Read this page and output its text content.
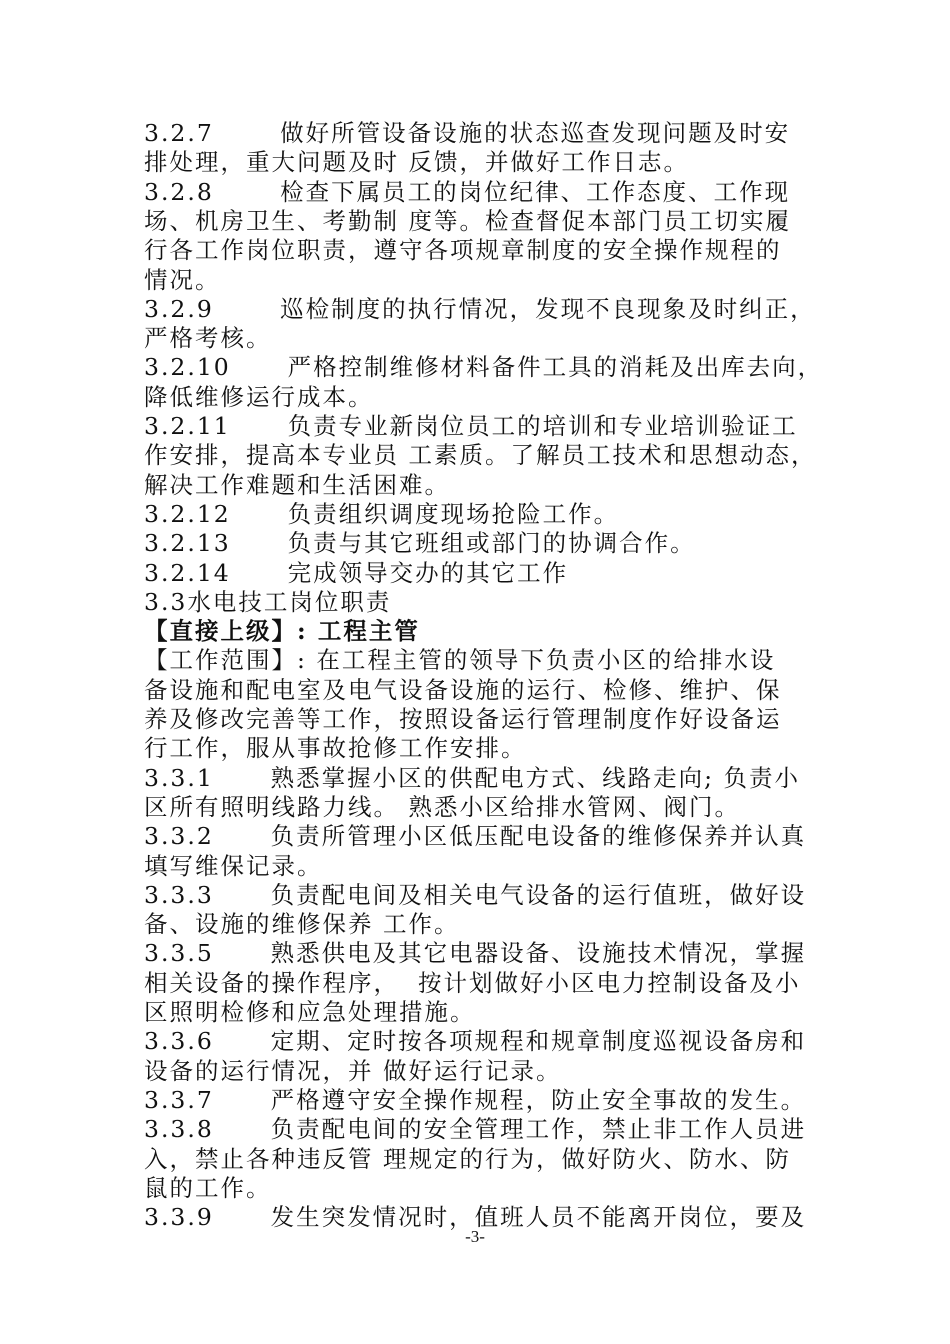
3.2.7       做好所管设备设施的状态巡查发现问题及时安
排处理，重大问题及时 反馈，并做好工作日志。
3.2.8       检查下属员工的岗位纪律、工作态度、工作现
场、机房卫生、考勤制 度等。检查督促本部门员工切实履
行各工作岗位职责，遵守各项规章制度的安全操作规程的
情况。
3.2.9       巡检制度的执行情况，发现不良现象及时纠正，
严格考核。
3.2.10      严格控制维修材料备件工具的消耗及出库去向，
降低维修运行成本。
3.2.11      负责专业新岗位员工的培训和专业培训验证工
作安排，提高本专业员 工素质。了解员工技术和思想动态，
解决工作难题和生活困难。
3.2.12      负责组织调度现场抢险工作。
3.2.13      负责与其它班组或部门的协调合作。
3.2.14      完成领导交办的其它工作
3.3水电技工岗位职责
【直接上级】: 工程主管
【工作范围】: 在工程主管的领导下负责小区的给排水设
备设施和配电室及电气设备设施的运行、检修、维护、保
养及修改完善等工作，按照设备运行管理制度作好设备运
行工作，服从事故抢修工作安排。
3.3.1      熟悉掌握小区的供配电方式、线路走向; 负责小
区所有照明线路力线。 熟悉小区给排水管网、阀门。
3.3.2      负责所管理小区低压配电设备的维修保养并认真
填写维保记录。
3.3.3      负责配电间及相关电气设备的运行值班，做好设
备、设施的维修保养 工作。
3.3.5      熟悉供电及其它电器设备、设施技术情况，掌握
相关设备的操作程序，  按计划做好小区电力控制设备及小
区照明检修和应急处理措施。
3.3.6      定期、定时按各项规程和规章制度巡视设备房和
设备的运行情况，并 做好运行记录。
3.3.7      严格遵守安全操作规程，防止安全事故的发生。
3.3.8      负责配电间的安全管理工作，禁止非工作人员进
入，禁止各种违反管 理规定的行为，做好防火、防水、防
鼠的工作。
3.3.9      发生突发情况时，值班人员不能离开岗位，要及
-3-
